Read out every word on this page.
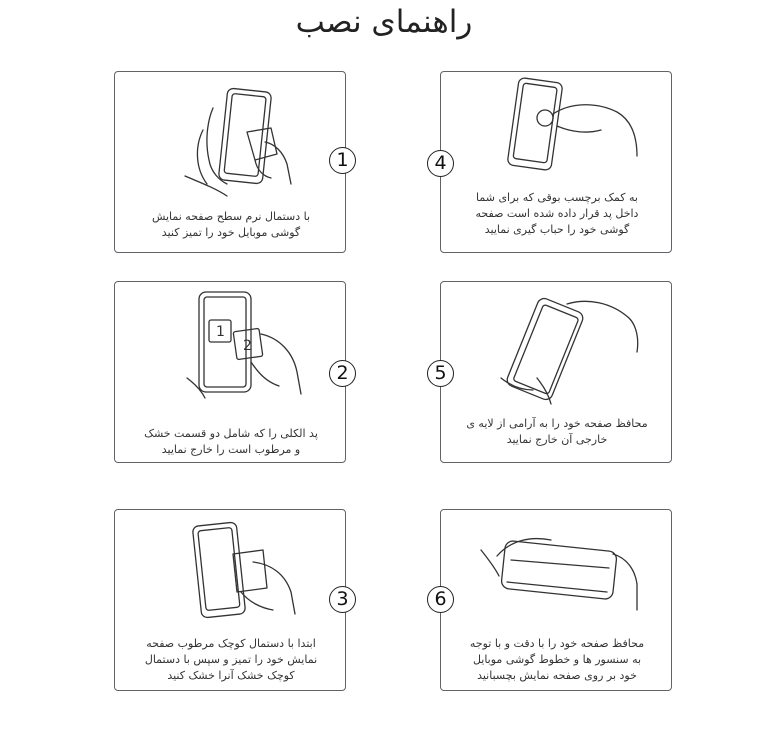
راهنمای نصب
1
با دستمال نرم سطح صفحه نمایش
گوشی موبایل خود را تمیز کنید
1
2
2
پد الکلی را که شامل دو قسمت خشک
و مرطوب است را خارج نمایید
3
ابتدا با دستمال کوچک مرطوب صفحه
نمایش خود را تمیز و سپس با دستمال
کوچک خشک آنرا خشک کنید
4
به کمک برچسب بوقی که برای شما
داخل پد قرار داده شده است صفحه
گوشی خود را حباب گیری نمایید
5
محافظ صفحه خود را به آرامی از لایه ی
خارجی آن خارج نمایید
6
محافظ صفحه خود را با دقت و با توجه
به سنسور ها و خطوط گوشی موبایل
خود بر روی صفحه نمایش بچسبانید
